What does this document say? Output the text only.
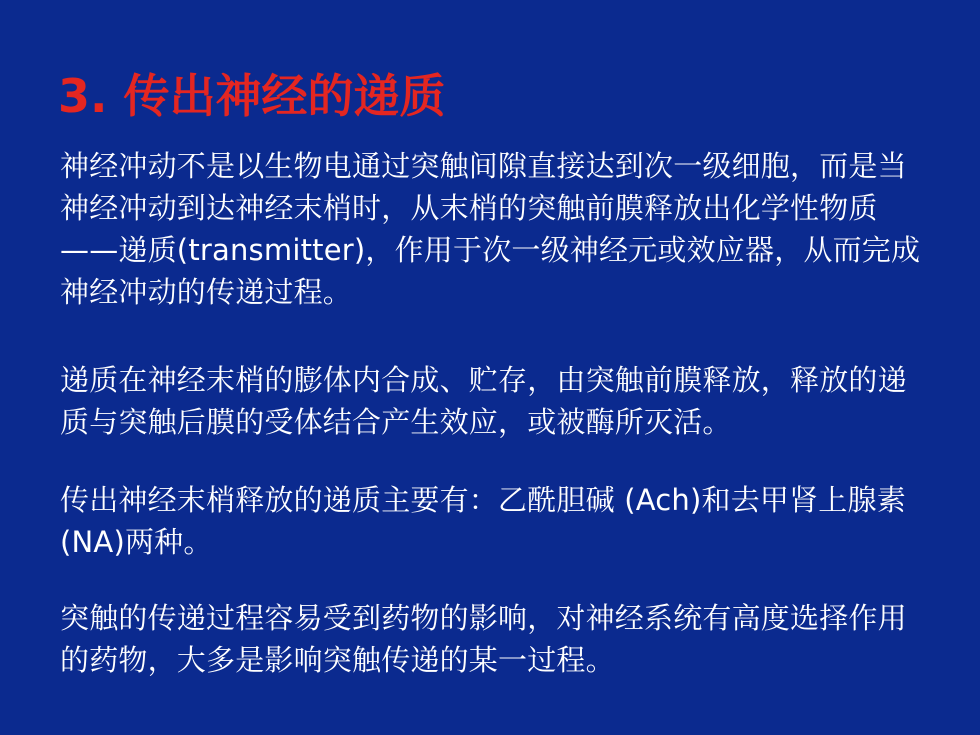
3. 传出神经的递质
神经冲动不是以生物电通过突触间隙直接达到次一级细胞，而是当神经冲动到达神经末梢时，从末梢的突触前膜释放出化学性物质——递质(transmitter)，作用于次一级神经元或效应器，从而完成神经冲动的传递过程。
递质在神经末梢的膨体内合成、贮存，由突触前膜释放，释放的递质与突触后膜的受体结合产生效应，或被酶所灭活。
传出神经末梢释放的递质主要有：乙酰胆碱 (Ach)和去甲肾上腺素 (NA)两种。
突触的传递过程容易受到药物的影响，对神经系统有高度选择作用的药物，大多是影响突触传递的某一过程。
